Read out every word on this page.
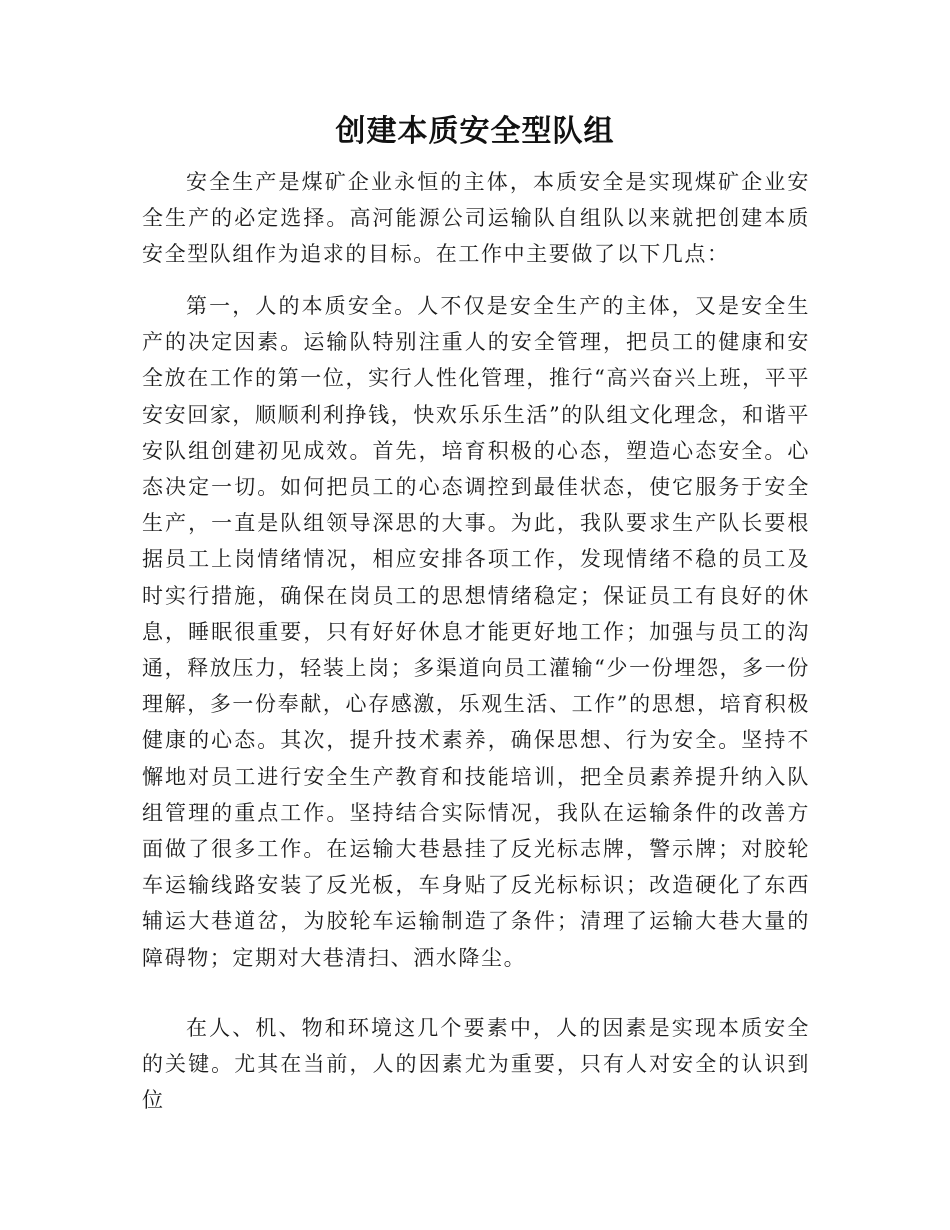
创建本质安全型队组

安全生产是煤矿企业永恒的主体，本质安全是实现煤矿企业安全生产的必定选择。高河能源公司运输队自组队以来就把创建本质安全型队组作为追求的目标。在工作中主要做了以下几点：

第一，人的本质安全。人不仅是安全生产的主体，又是安全生产的决定因素。运输队特别注重人的安全管理，把员工的健康和安全放在工作的第一位，实行人性化管理，推行“高兴奋兴上班，平平安安回家，顺顺利利挣钱，快欢乐乐生活”的队组文化理念，和谐平安队组创建初见成效。首先，培育积极的心态，塑造心态安全。心态决定一切。如何把员工的心态调控到最佳状态，使它服务于安全生产，一直是队组领导深思的大事。为此，我队要求生产队长要根据员工上岗情绪情况，相应安排各项工作，发现情绪不稳的员工及时实行措施，确保在岗员工的思想情绪稳定；保证员工有良好的休息，睡眠很重要，只有好好休息才能更好地工作；加强与员工的沟通，释放压力，轻装上岗；多渠道向员工灌输“少一份埋怨，多一份理解，多一份奉献，心存感激，乐观生活、工作”的思想，培育积极健康的心态。其次，提升技术素养，确保思想、行为安全。坚持不懈地对员工进行安全生产教育和技能培训，把全员素养提升纳入队组管理的重点工作。坚持结合实际情况，我队在运输条件的改善方面做了很多工作。在运输大巷悬挂了反光标志牌，警示牌；对胶轮车运输线路安装了反光板，车身贴了反光标标识；改造硬化了东西辅运大巷道岔，为胶轮车运输制造了条件；清理了运输大巷大量的障碍物；定期对大巷清扫、洒水降尘。

在人、机、物和环境这几个要素中，人的因素是实现本质安全的关键。尤其在当前，人的因素尤为重要，只有人对安全的认识到位
